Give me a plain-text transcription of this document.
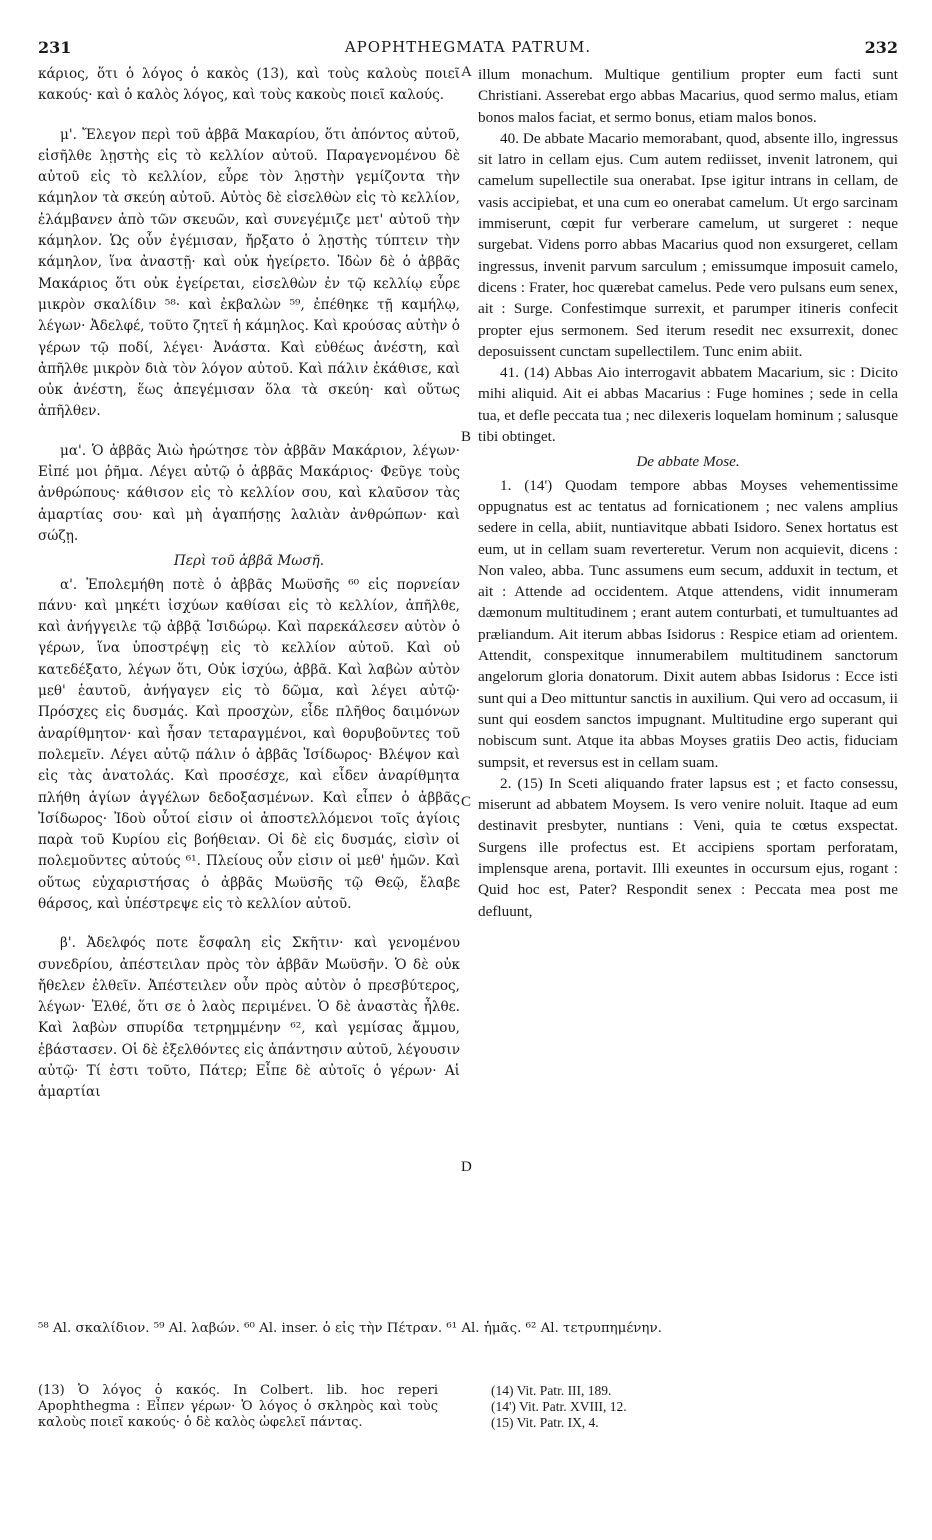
231	APOPHTHEGMATA PATRUM.	232

κάριος, ὅτι ὁ λόγος ὁ κακὸς (13), καὶ τοὺς καλοὺς ποιεῖ κακούς· καὶ ὁ καλὸς λόγος, καὶ τοὺς κακοὺς ποιεῖ καλούς.

μ'. Ἔλεγον περὶ τοῦ ἀββᾶ Μακαρίου, ὅτι ἀπόντος αὐτοῦ, εἰσῆλθε λῃστὴς εἰς τὸ κελλίον αὐτοῦ. Παραγενομένου δὲ αὐτοῦ εἰς τὸ κελλίον, εὗρε τὸν λῃστὴν γεμίζοντα τὴν κάμηλον τὰ σκεύη αὐτοῦ. Αὐτὸς δὲ εἰσελθὼν εἰς τὸ κελλίον, ἐλάμβανεν ἀπὸ τῶν σκευῶν, καὶ συνεγέμιζε μετ' αὐτοῦ τὴν κάμηλον. Ὡς οὖν ἐγέμισαν, ἤρξατο ὁ λῃστὴς τύπτειν τὴν κάμηλον, ἵνα ἀναστῇ· καὶ οὐκ ἠγείρετο. Ἰδὼν δὲ ὁ ἀββᾶς Μακάριος ὅτι οὐκ ἐγείρεται, εἰσελθὼν ἐν τῷ κελλίῳ εὗρε μικρὸν σκαλίδιν ⁵⁸· καὶ ἐκβαλὼν ⁵⁹, ἐπέθηκε τῇ καμήλῳ, λέγων· Ἀδελφέ, τοῦτο ζητεῖ ἡ κάμηλος. Καὶ κρούσας αὐτὴν ὁ γέρων τῷ ποδί, λέγει· Ἀνάστα. Καὶ εὐθέως ἀνέστη, καὶ ἀπῆλθε μικρὸν διὰ τὸν λόγον αὐτοῦ. Καὶ πάλιν ἐκάθισε, καὶ οὐκ ἀνέστη, ἕως ἀπεγέμισαν ὅλα τὰ σκεύη· καὶ οὕτως ἀπῆλθεν.

μα'. Ὁ ἀββᾶς Ἀιὼ ἠρώτησε τὸν ἀββᾶν Μακάριον, λέγων· Εἰπέ μοι ῥῆμα. Λέγει αὐτῷ ὁ ἀββᾶς Μακάριος· Φεῦγε τοὺς ἀνθρώπους· κάθισον εἰς τὸ κελλίον σου, καὶ κλαῦσον τὰς ἁμαρτίας σου· καὶ μὴ ἀγαπήσῃς λαλιὰν ἀνθρώπων· καὶ σώζῃ.

Περὶ τοῦ ἀββᾶ Μωσῆ.

α'. Ἐπολεμήθη ποτὲ ὁ ἀββᾶς Μωϋσῆς ⁶⁰ εἰς πορνείαν πάνυ· καὶ μηκέτι ἰσχύων καθίσαι εἰς τὸ κελλίον, ἀπῆλθε, καὶ ἀνήγγειλε τῷ ἀββᾷ Ἰσιδώρῳ. Καὶ παρεκάλεσεν αὐτὸν ὁ γέρων, ἵνα ὑποστρέψῃ εἰς τὸ κελλίον αὐτοῦ. Καὶ οὐ κατεδέξατο, λέγων ὅτι, Οὐκ ἰσχύω, ἀββᾶ. Καὶ λαβὼν αὐτὸν μεθ' ἑαυτοῦ, ἀνήγαγεν εἰς τὸ δῶμα, καὶ λέγει αὐτῷ· Πρόσχες εἰς δυσμάς. Καὶ προσχὼν, εἶδε πλῆθος δαιμόνων ἀναρίθμητον· καὶ ἦσαν τεταραγμένοι, καὶ θορυβοῦντες τοῦ πολεμεῖν. Λέγει αὐτῷ πάλιν ὁ ἀββᾶς Ἰσίδωρος· Βλέψον καὶ εἰς τὰς ἀνατολάς. Καὶ προσέσχε, καὶ εἶδεν ἀναρίθμητα πλήθη ἁγίων ἀγγέλων δεδοξασμένων. Καὶ εἶπεν ὁ ἀββᾶς Ἰσίδωρος· Ἰδοὺ οὗτοί εἰσιν οἱ ἀποστελλόμενοι τοῖς ἁγίοις παρὰ τοῦ Κυρίου εἰς βοήθειαν. Οἱ δὲ εἰς δυσμάς, εἰσὶν οἱ πολεμοῦντες αὐτούς ⁶¹. Πλείους οὖν εἰσιν οἱ μεθ' ἡμῶν. Καὶ οὕτως εὐχαριστήσας ὁ ἀββᾶς Μωϋσῆς τῷ Θεῷ, ἔλαβε θάρσος, καὶ ὑπέστρεψε εἰς τὸ κελλίον αὐτοῦ.

β'. Ἀδελφός ποτε ἔσφαλη εἰς Σκῆτιν· καὶ γενομένου συνεδρίου, ἀπέστειλαν πρὸς τὸν ἀββᾶν Μωϋσῆν. Ὁ δὲ οὐκ ἤθελεν ἐλθεῖν. Ἀπέστειλεν οὖν πρὸς αὐτὸν ὁ πρεσβύτερος, λέγων· Ἐλθέ, ὅτι σε ὁ λαὸς περιμένει. Ὁ δὲ ἀναστὰς ἦλθε. Καὶ λαβὼν σπυρίδα τετρημμένην ⁶², καὶ γεμίσας ἄμμου, ἐβάστασεν. Οἱ δὲ ἐξελθόντες εἰς ἀπάντησιν αὐτοῦ, λέγουσιν αὐτῷ· Τί ἐστι τοῦτο, Πάτερ; Εἶπε δὲ αὐτοῖς ὁ γέρων· Αἱ ἁμαρτίαι

A
B
C
D

illum monachum. Multique gentilium propter eum facti sunt Christiani. Asserebat ergo abbas Macarius, quod sermo malus, etiam bonos malos faciat, et sermo bonus, etiam malos bonos.

40. De abbate Macario memorabant, quod, absente illo, ingressus sit latro in cellam ejus. Cum autem rediisset, invenit latronem, qui camelum supellectile sua onerabat. Ipse igitur intrans in cellam, de vasis accipiebat, et una cum eo onerabat camelum. Ut ergo sarcinam immiserunt, cœpit fur verberare camelum, ut surgeret : neque surgebat. Videns porro abbas Macarius quod non exsurgeret, cellam ingressus, invenit parvum sarculum ; emissumque imposuit camelo, dicens : Frater, hoc quærebat camelus. Pede vero pulsans eum senex, ait : Surge. Confestimque surrexit, et parumper itineris confecit propter ejus sermonem. Sed iterum resedit nec exsurrexit, donec deposuissent cunctam supellectilem. Tunc enim abiit.

41. (14) Abbas Aio interrogavit abbatem Macarium, sic : Dicito mihi aliquid. Ait ei abbas Macarius : Fuge homines ; sede in cella tua, et defle peccata tua ; nec dilexeris loquelam hominum ; salusque tibi obtinget.

De abbate Mose.

1. (14') Quodam tempore abbas Moyses vehementissime oppugnatus est ac tentatus ad fornicationem ; nec valens amplius sedere in cella, abiit, nuntiavitque abbati Isidoro. Senex hortatus est eum, ut in cellam suam reverteretur. Verum non acquievit, dicens : Non valeo, abba. Tunc assumens eum secum, adduxit in tectum, et ait : Attende ad occidentem. Atque attendens, vidit innumeram dæmonum multitudinem ; erant autem conturbati, et tumultuantes ad præliandum. Ait iterum abbas Isidorus : Respice etiam ad orientem. Attendit, conspexitque innumerabilem multitudinem sanctorum angelorum gloria donatorum. Dixit autem abbas Isidorus : Ecce isti sunt qui a Deo mittuntur sanctis in auxilium. Qui vero ad occasum, ii sunt qui eosdem sanctos impugnant. Multitudine ergo superant qui nobiscum sunt. Atque ita abbas Moyses gratiis Deo actis, fiduciam sumpsit, et reversus est in cellam suam.

2. (15) In Sceti aliquando frater lapsus est ; et facto consessu, miserunt ad abbatem Moysem. Is vero venire noluit. Itaque ad eum destinavit presbyter, nuntians : Veni, quia te cœtus exspectat. Surgens ille profectus est. Et accipiens sportam perforatam, implensque arena, portavit. Illi exeuntes in occursum ejus, rogant : Quid hoc est, Pater? Respondit senex : Peccata mea post me defluunt,

⁵⁸ Al. σκαλίδιον. ⁵⁹ Al. λαβών. ⁶⁰ Al. inser. ὁ εἰς τὴν Πέτραν. ⁶¹ Al. ἡμᾶς. ⁶² Al. τετρυπημένην.

(13) Ὁ λόγος ὁ κακός. In Colbert. lib. hoc reperi Apophthegma : Εἶπεν γέρων· Ὁ λόγος ὁ σκληρὸς καὶ τοὺς καλοὺς ποιεῖ κακούς· ὁ δὲ καλὸς ὠφελεῖ πάντας.

(14) Vit. Patr. III, 189.

(14') Vit. Patr. XVIII, 12.

(15) Vit. Patr. IX, 4.
